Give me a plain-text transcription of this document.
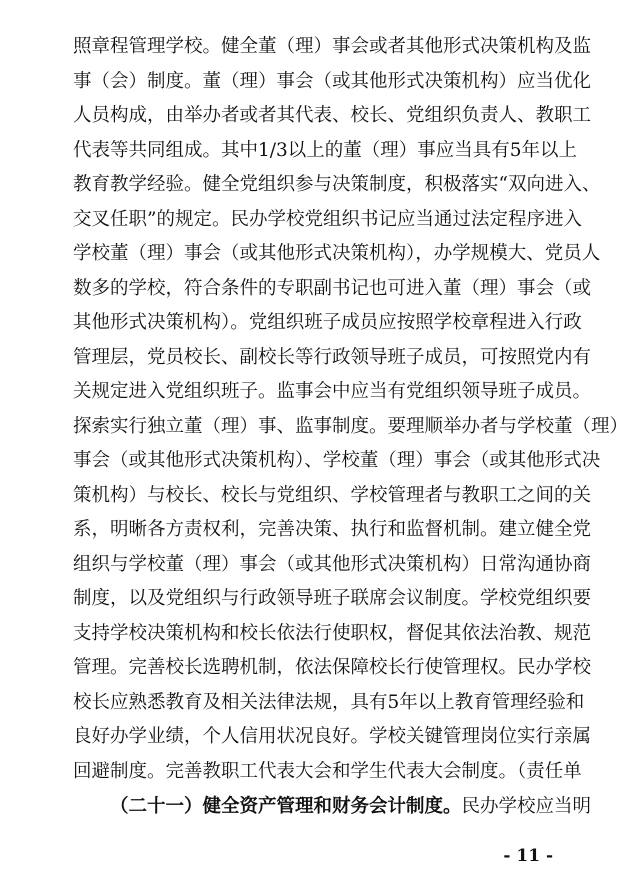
照章程管理学校。健全董（理）事会或者其他形式决策机构及监
事（会）制度。董（理）事会（或其他形式决策机构）应当优化
人员构成，由举办者或者其代表、校长、党组织负责人、教职工
代表等共同组成。其中1/3以上的董（理）事应当具有5年以上
教育教学经验。健全党组织参与决策制度，积极落实“双向进入、
交叉任职”的规定。民办学校党组织书记应当通过法定程序进入
学校董（理）事会（或其他形式决策机构），办学规模大、党员人
数多的学校，符合条件的专职副书记也可进入董（理）事会（或
其他形式决策机构）。党组织班子成员应按照学校章程进入行政
管理层，党员校长、副校长等行政领导班子成员，可按照党内有
关规定进入党组织班子。监事会中应当有党组织领导班子成员。
探索实行独立董（理）事、监事制度。要理顺举办者与学校董（理）
事会（或其他形式决策机构）、学校董（理）事会（或其他形式决
策机构）与校长、校长与党组织、学校管理者与教职工之间的关
系，明晰各方责权利，完善决策、执行和监督机制。建立健全党
组织与学校董（理）事会（或其他形式决策机构）日常沟通协商
制度，以及党组织与行政领导班子联席会议制度。学校党组织要
支持学校决策机构和校长依法行使职权，督促其依法治教、规范
管理。完善校长选聘机制，依法保障校长行使管理权。民办学校
校长应熟悉教育及相关法律法规，具有5年以上教育管理经验和
良好办学业绩，个人信用状况良好。学校关键管理岗位实行亲属
回避制度。完善教职工代表大会和学生代表大会制度。（责任单
（二十一）健全资产管理和财务会计制度。民办学校应当明
- 11 -
